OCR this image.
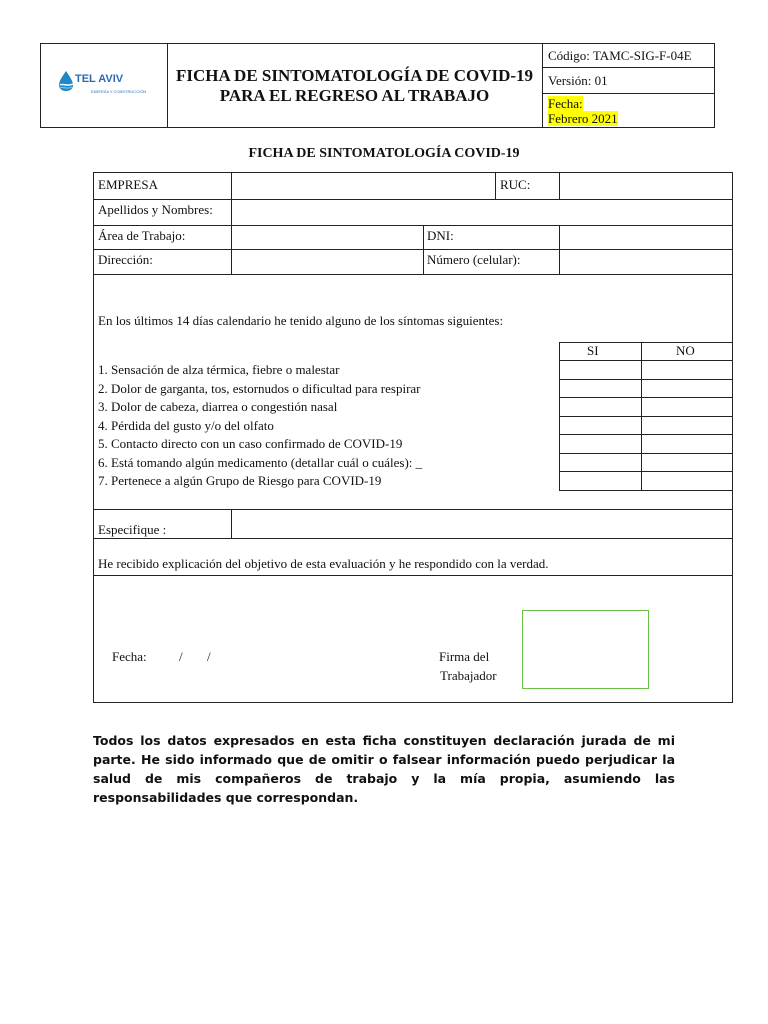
TEL AVIV
ENERGÍA Y CONSTRUCCIÓN
FICHA DE SINTOMATOLOGÍA DE COVID-19 PARA EL REGRESO AL TRABAJO
Código: TAMC-SIG-F-04E
Versión: 01
Fecha:
Febrero 2021
FICHA DE SINTOMATOLOGÍA COVID-19
SI	NO
EMPRESA	RUC:
Apellidos y Nombres:
Área de Trabajo:	DNI:
Dirección:	Número (celular):
En los últimos 14 días calendario he tenido alguno de los síntomas siguientes:
1. Sensación de alza térmica, fiebre o malestar
2. Dolor de garganta, tos, estornudos o dificultad para respirar
3. Dolor de cabeza, diarrea o congestión nasal
4. Pérdida del gusto y/o del olfato
5. Contacto directo con un caso confirmado de COVID-19
6. Está tomando algún medicamento (detallar cuál o cuáles): _
7. Pertenece a algún Grupo de Riesgo para COVID-19
Especifique :
He recibido explicación del objetivo de esta evaluación y he respondido con la verdad.
Fecha: / /	Firma del
Trabajador
Todos los datos expresados en esta ficha constituyen declaración jurada de mi parte. He sido informado que de omitir o falsear información puedo perjudicar la salud de mis compañeros de trabajo y la mía propia, asumiendo las responsabilidades que correspondan.
